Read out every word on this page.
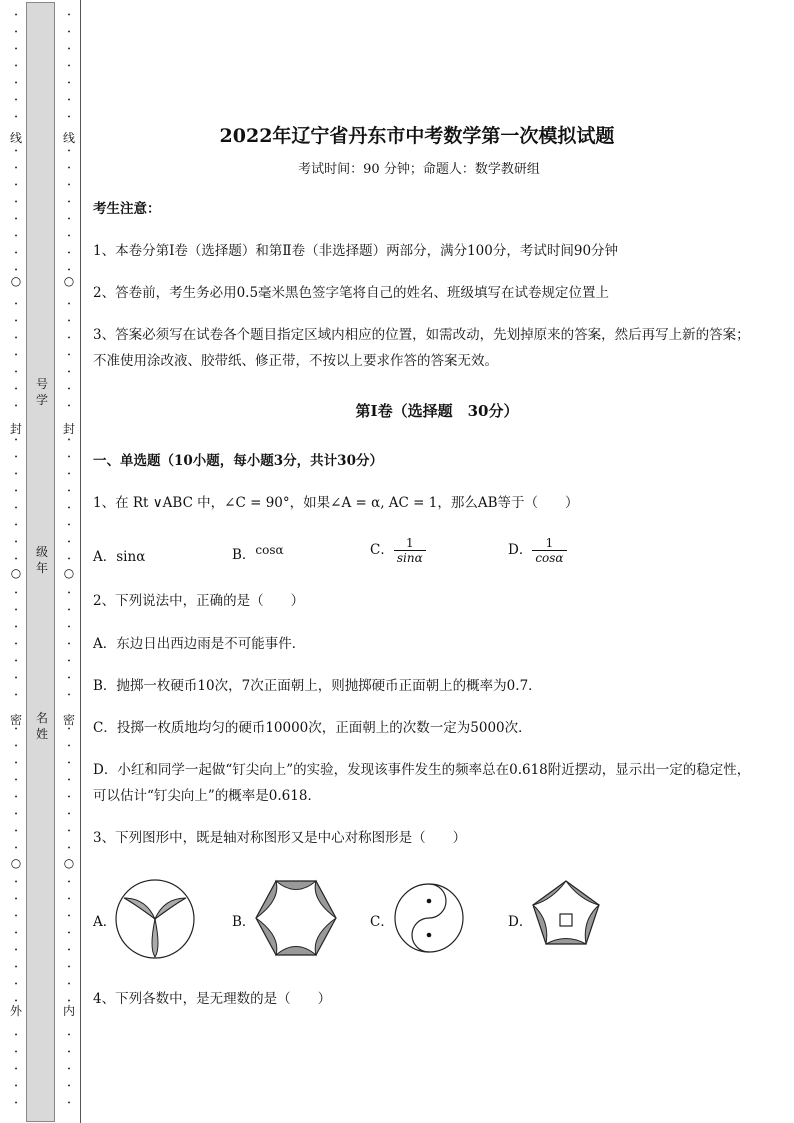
•
•
•
•
•
•
•
•
•
•
•
•
•
•
•
•
•
•
•
•
•
•
•
•
•
•
•
•
•
•
•
•
•
•
•
•
•
•
•
•
•
•
•
•
•
•
•
•
•
•
•
•
•
•
•
•
•
•
线
○
封
○
密
○
外
•
•
•
•
•
•
•
•
•
•
•
•
•
•
•
•
•
•
•
•
•
•
•
•
•
•
•
•
•
•
•
•
•
•
•
•
•
•
•
•
•
•
•
•
•
•
•
•
•
•
•
•
•
•
•
•
•
•
线
○
封
○
密
○
内
号学
级年
名姓
2022年辽宁省丹东市中考数学第一次模拟试题
考试时间：90 分钟；命题人：数学教研组
考生注意：
1、本卷分第Ⅰ卷（选择题）和第Ⅱ卷（非选择题）两部分，满分100分，考试时间90分钟
2、答卷前，考生务必用0.5毫米黑色签字笔将自己的姓名、班级填写在试卷规定位置上
3、答案必须写在试卷各个题目指定区域内相应的位置，如需改动，先划掉原来的答案，然后再写上新的答案；不准使用涂改液、胶带纸、修正带，不按以上要求作答的答案无效。
第Ⅰ卷（选择题　30分）
一、单选题（10小题，每小题3分，共计30分）
1、在 Rt ∨ABC 中，∠C = 90°，如果∠A = α, AC = 1，那么AB等于（　　）
A．sinα	B．cosα	C． $\frac{1}{\sin\alpha}$	D． $\frac{1}{\cos\alpha}$
2、下列说法中，正确的是（　　）
A．东边日出西边雨是不可能事件．
B．抛掷一枚硬币10次，7次正面朝上，则抛掷硬币正面朝上的概率为0.7．
C．投掷一枚质地均匀的硬币10000次，正面朝上的次数一定为5000次．
D．小红和同学一起做“钉尖向上”的实验，发现该事件发生的频率总在0.618附近摆动，显示出一定的稳定性，可以估计“钉尖向上”的概率是0.618．
3、下列图形中，既是轴对称图形又是中心对称图形是（　　）
A．	B．	C．	D．
4、下列各数中，是无理数的是（　　）
